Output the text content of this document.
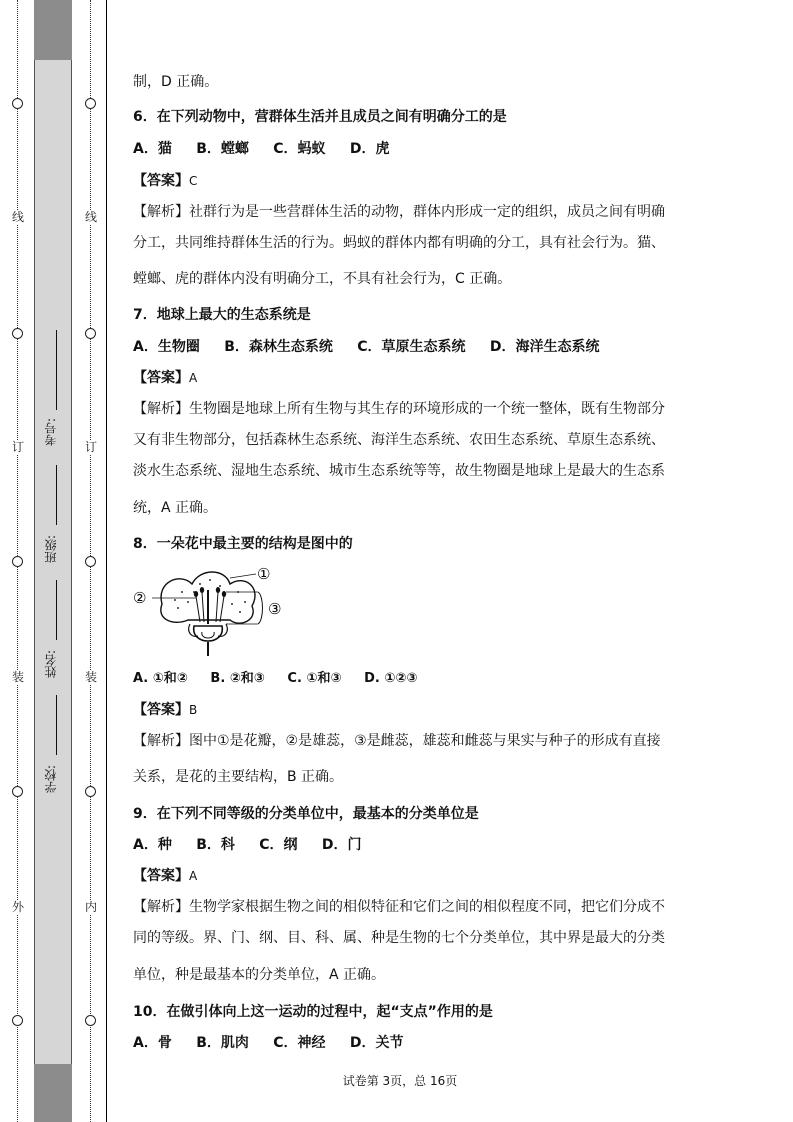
线
订
装
外
线
订
装
内
学校:
姓名:
班级:
考号:
制，D 正确。
6．在下列动物中，营群体生活并且成员之间有明确分工的是
A．猫     B．螳螂     C．蚂蚁     D．虎
【答案】C
【解析】社群行为是一些营群体生活的动物，群体内形成一定的组织，成员之间有明确
分工，共同维持群体生活的行为。蚂蚁的群体内都有明确的分工，具有社会行为。猫、
螳螂、虎的群体内没有明确分工，不具有社会行为，C 正确。
7．地球上最大的生态系统是
A．生物圈     B．森林生态系统     C．草原生态系统     D．海洋生态系统
【答案】A
【解析】生物圈是地球上所有生物与其生存的环境形成的一个统一整体，既有生物部分
又有非生物部分，包括森林生态系统、海洋生态系统、农田生态系统、草原生态系统、
淡水生态系统、湿地生态系统、城市生态系统等等，故生物圈是地球上是最大的生态系
统，A 正确。
8．一朵花中最主要的结构是图中的
A. ①和②     B. ②和③     C. ①和③     D. ①②③
【答案】B
【解析】图中①是花瓣，②是雄蕊，③是雌蕊，雄蕊和雌蕊与果实与种子的形成有直接
关系，是花的主要结构，B 正确。
9．在下列不同等级的分类单位中，最基本的分类单位是
A．种     B．科     C．纲     D．门
【答案】A
【解析】生物学家根据生物之间的相似特征和它们之间的相似程度不同，把它们分成不
同的等级。界、门、纲、目、科、属、种是生物的七个分类单位，其中界是最大的分类
单位，种是最基本的分类单位，A 正确。
10．在做引体向上这一运动的过程中，起“支点”作用的是
A．骨     B．肌肉     C．神经     D．关节
①
②
③
试卷第 3页，总 16页
